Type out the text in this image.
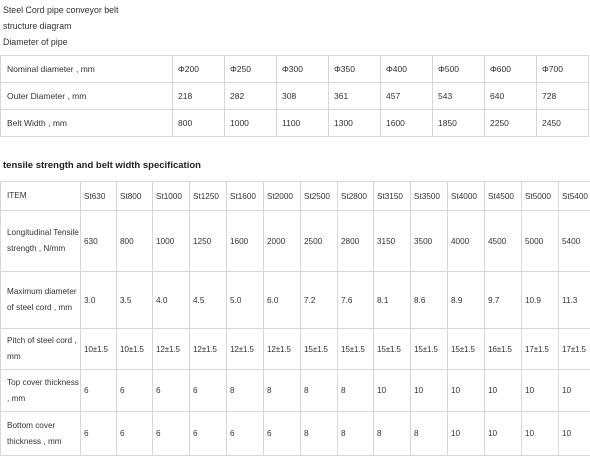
Steel Cord pipe conveyor belt
structure diagram
Diameter of pipe
Nominal diameter , mm	Φ200	Φ250	Φ300	Φ350	Φ400	Φ500	Φ600	Φ700
Outer Diameter , mm	218	282	308	361	457	543	640	728
Belt Width , mm	800	1000	1100	1300	1600	1850	2250	2450
tensile strength and belt width specification
ITEM	St630	St800	St1000	St1250	St1600	St2000	St2500	St2800	St3150	St3500	St4000	St4500	St5000	St5400
Longitudinal Tensile strength , N/mm	630	800	1000	1250	1600	2000	2500	2800	3150	3500	4000	4500	5000	5400
Maximum diameter of steel cord , mm	3.0	3.5	4.0	4.5	5.0	6.0	7.2	7.6	8.1	8.6	8.9	9.7	10.9	11.3
Pitch of steel cord , mm	10±1.5	10±1.5	12±1.5	12±1.5	12±1.5	12±1.5	15±1.5	15±1.5	15±1.5	15±1.5	15±1.5	16±1.5	17±1.5	17±1.5
Top cover thickness , mm	6	6	6	6	8	8	8	8	10	10	10	10	10	10
Bottom cover thickness , mm	6	6	6	6	6	6	8	8	8	8	10	10	10	10
